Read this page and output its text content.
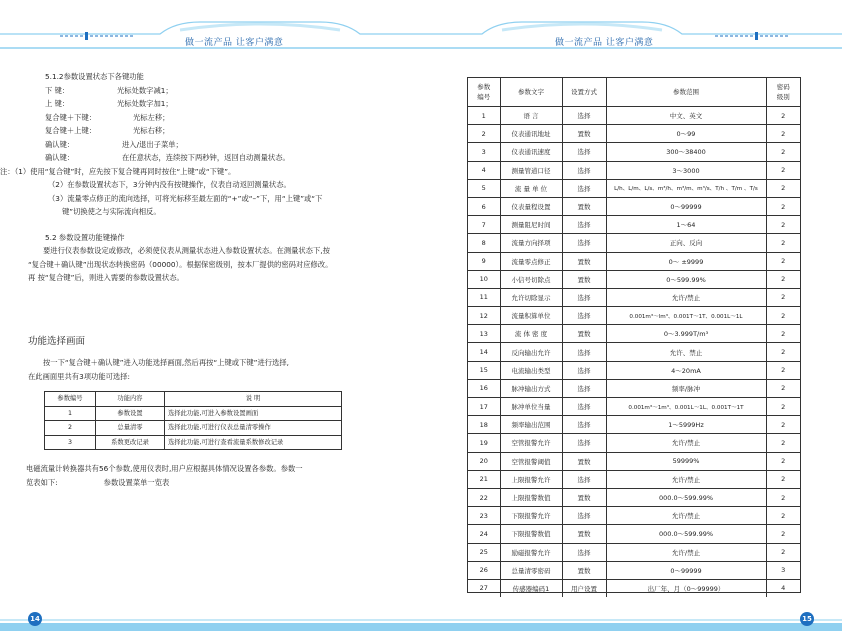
做一流产品 让客户满意	做一流产品 让客户满意

5.1.2参数设置状态下各键功能

下 键：	光标处数字减1；
上 键：	光标处数字加1；
复合键＋下键：	光标左移；
复合键＋上键：	光标右移；
确认键：	进入/退出子菜单；
确认键：	在任意状态，连续按下两秒钟，返回自动测量状态。

注：（1）使用“复合键”时，应先按下复合键再同时按住“上键”或“下键”。

（2）在参数设置状态下，3分钟内没有按键操作，仪表自动返回测量状态。

（3）流量零点修正的流向选择，可将光标移至最左面的“+”或“–”下，用“上键”或“下

键”切换使之与实际流向相反。

5.2 参数设置功能键操作

要进行仪表参数设定或修改，必须使仪表从测量状态进入参数设置状态。在测量状态下,按

“复合键＋确认键”出现状态转换密码（00000）。根据保密级别，按本厂提供的密码对应修改。

再 按“复合键”后，则进入需要的参数设置状态。

功能选择画面

按一下“复合键＋确认键”进入功能选择画面,然后再按“上键或下键”进行选择,

在此画面里共有3项功能可选择:

参数编号	功能内容	说 明
1	参数设置	选择此功能,可进入参数设置画面
2	总量清零	选择此功能,可进行仪表总量清零操作
3	系数更改记录	选择此功能,可进行查看流量系数修改记录

电磁流量计转换器共有56个参数,使用仪表时,用户应根据具体情况设置各参数。参数一

览表如下:	参数设置菜单一览表

参数
编号	参数文字	设置方式	参数范围	密码
级别
1	语 言	选择	中文、英文	2
2	仪表通讯地址	置数	0～99	2
3	仪表通讯速度	选择	300～38400	2
4	测量管道口径	选择	3～3000	2
5	流 量 单 位	选择	L/h、L/m、L/s、m³/h、m³/m、m³/s、T/h 、T/m 、T/s	2
6	仪表量程设置	置数	0～99999	2
7	测量阻尼时间	选择	1～64	2
8	流量方向择项	选择	正向、反向	2
9	流量零点修正	置数	0～ ±9999	2
10	小信号切除点	置数	0～599.99%	2
11	允许切除显示	选择	允许/禁止	2
12	流量积算单位	选择	0.001m³～lm³、0.001T～1T、0.001L～1L	2
13	流 体 密 度	置数	0～3.999T/m³	2
14	反向输出允许	选择	允许、禁止	2
15	电流输出类型	选择	4～20mA	2
16	脉冲输出方式	选择	频率/脉冲	2
17	脉冲单位当量	选择	0.001m³～1m³、0.001L～1L、0.001T～1T	2
18	频率输出范围	选择	1～5999Hz	2
19	空管报警允许	选择	允许/禁止	2
20	空管报警阈值	置数	59999%	2
21	上限报警允许	选择	允许/禁止	2
22	上限报警数值	置数	000.0～599.99%	2
23	下限报警允许	选择	允许/禁止	2
24	下限报警数值	置数	000.0～599.99%	2
25	励磁报警允许	选择	允许/禁止	2
26	总量清零密码	置数	0～99999	3
27	传感器编码1	用户设置	出厂年、月（0～99999）	4
14	15
